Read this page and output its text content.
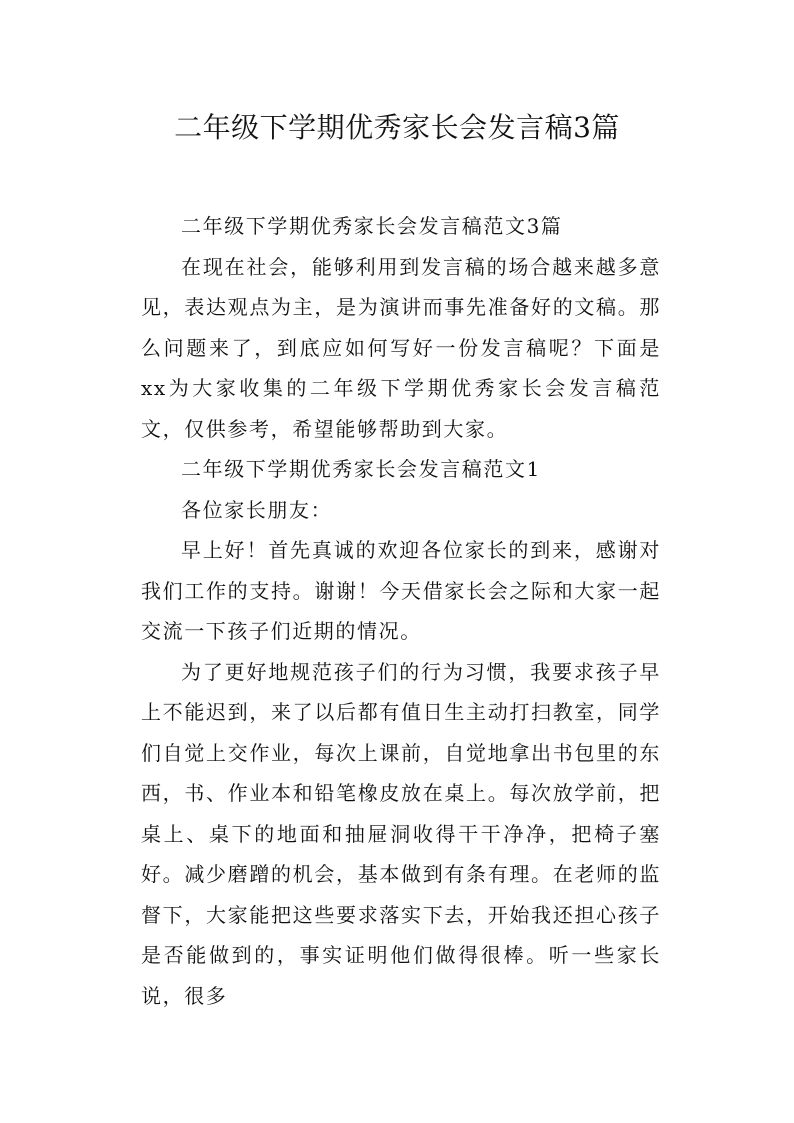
二年级下学期优秀家长会发言稿3篇

二年级下学期优秀家长会发言稿范文3篇

在现在社会，能够利用到发言稿的场合越来越多意见，表达观点为主，是为演讲而事先准备好的文稿。那么问题来了，到底应如何写好一份发言稿呢？下面是xx为大家收集的二年级下学期优秀家长会发言稿范文，仅供参考，希望能够帮助到大家。

二年级下学期优秀家长会发言稿范文1

各位家长朋友：

早上好！首先真诚的欢迎各位家长的到来，感谢对我们工作的支持。谢谢！今天借家长会之际和大家一起交流一下孩子们近期的情况。

为了更好地规范孩子们的行为习惯，我要求孩子早上不能迟到，来了以后都有值日生主动打扫教室，同学们自觉上交作业，每次上课前，自觉地拿出书包里的东西，书、作业本和铅笔橡皮放在桌上。每次放学前，把桌上、桌下的地面和抽屉洞收得干干净净，把椅子塞好。减少磨蹭的机会，基本做到有条有理。在老师的监督下，大家能把这些要求落实下去，开始我还担心孩子是否能做到的，事实证明他们做得很棒。听一些家长说，很多
